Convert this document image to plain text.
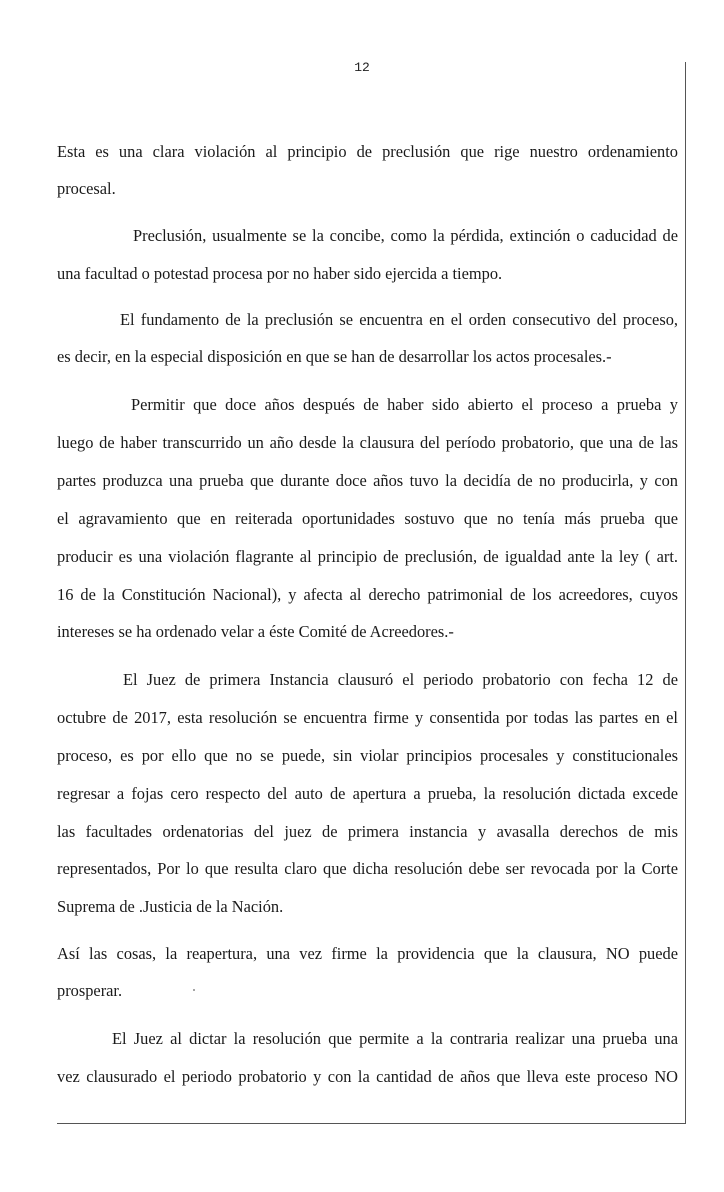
12
Esta es una clara violación al principio de preclusión que rige nuestro ordenamiento
procesal.
Preclusión, usualmente se la concibe, como la pérdida, extinción o caducidad de
una facultad o potestad procesa por no haber sido ejercida a tiempo.
El fundamento de la preclusión se encuentra en el orden consecutivo del proceso,
es decir, en la especial disposición en que se han de desarrollar los actos procesales.-
Permitir que doce años después de haber sido abierto el proceso a prueba y
luego de haber transcurrido un año desde la clausura del período probatorio, que una de las
partes produzca una prueba que durante doce años tuvo la decidía de no producirla, y con
el agravamiento que en reiterada oportunidades sostuvo que no tenía más prueba que
producir es una violación flagrante al principio de preclusión, de igualdad ante la ley ( art.
16 de la Constitución Nacional), y afecta al derecho patrimonial de los acreedores, cuyos
intereses se ha ordenado velar a éste Comité de Acreedores.-
El Juez de primera Instancia clausuró el periodo probatorio con fecha 12 de
octubre de 2017, esta resolución se encuentra firme y consentida por todas las partes en el
proceso, es por ello que no se puede, sin violar principios procesales y constitucionales
regresar a fojas cero respecto del auto de apertura a prueba, la resolución dictada excede
las facultades ordenatorias del juez de primera instancia y avasalla derechos de mis
representados, Por lo que resulta claro que dicha resolución debe ser revocada por la Corte
Suprema de .Justicia de la Nación.
Así las cosas, la reapertura, una vez firme la providencia que la clausura, NO puede
prosperar.
El Juez al dictar la resolución que permite a la contraria realizar una prueba una
vez clausurado el periodo probatorio y con la cantidad de años que lleva este proceso NO
